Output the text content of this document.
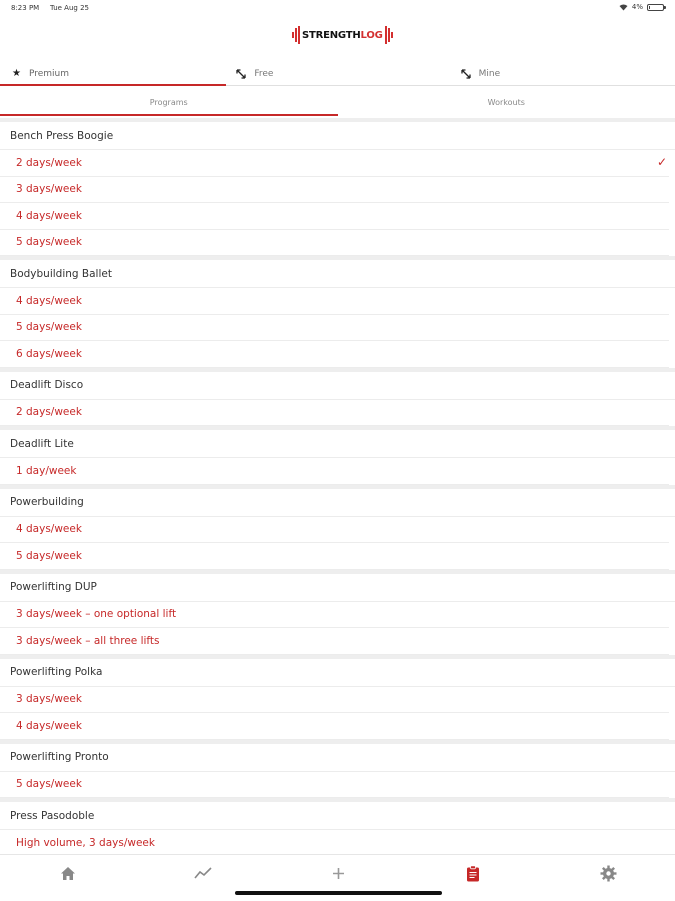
8:23 PM Tue Aug 25	4%
STRENGTHLOG
★ Premium	Free	Mine
Programs	Workouts
Bench Press Boogie
2 days/week	✓
3 days/week
4 days/week
5 days/week
Bodybuilding Ballet
4 days/week
5 days/week
6 days/week
Deadlift Disco
2 days/week
Deadlift Lite
1 day/week
Powerbuilding
4 days/week
5 days/week
Powerlifting DUP
3 days/week – one optional lift
3 days/week – all three lifts
Powerlifting Polka
3 days/week
4 days/week
Powerlifting Pronto
5 days/week
Press Pasodoble
High volume, 3 days/week
